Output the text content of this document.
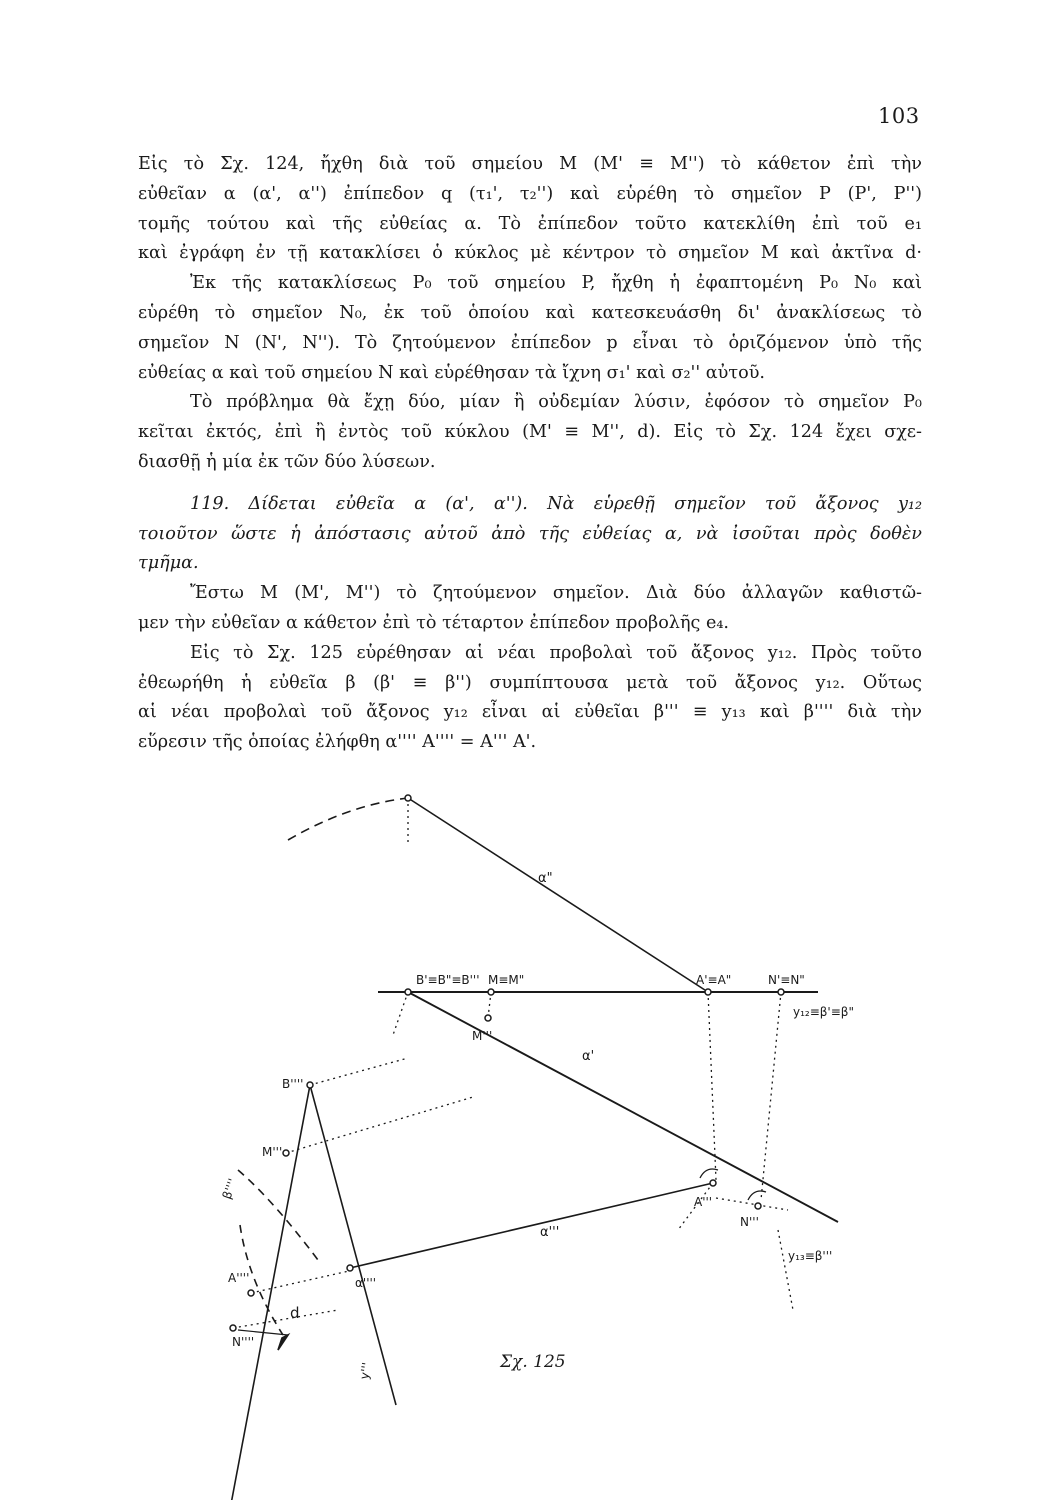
103
Εἰς τὸ Σχ. 124, ἤχθη διὰ τοῦ σημείου Μ (Μ' ≡ Μ'') τὸ κάθετον ἐπὶ τὴν
εὐθεῖαν α (α', α'') ἐπίπεδον q (τ₁', τ₂'') καὶ εὑρέθη τὸ σημεῖον P (P', P'')
τομῆς τούτου καὶ τῆς εὐθείας α. Τὸ ἐπίπεδον τοῦτο κατεκλίθη ἐπὶ τοῦ e₁
καὶ ἐγράφη ἐν τῇ κατακλίσει ὁ κύκλος μὲ κέντρον τὸ σημεῖον Μ καὶ ἀκτῖνα d·
Ἐκ τῆς κατακλίσεως P₀ τοῦ σημείου P, ἤχθη ἡ ἐφαπτομένη P₀ N₀ καὶ
εὑρέθη τὸ σημεῖον N₀, ἐκ τοῦ ὁποίου καὶ κατεσκευάσθη δι' ἀνακλίσεως τὸ
σημεῖον N (N', N''). Τὸ ζητούμενον ἐπίπεδον p εἶναι τὸ ὁριζόμενον ὑπὸ τῆς
εὐθείας α καὶ τοῦ σημείου N καὶ εὑρέθησαν τὰ ἴχνη σ₁' καὶ σ₂'' αὐτοῦ.
Τὸ πρόβλημα θὰ ἔχῃ δύο, μίαν ἢ οὐδεμίαν λύσιν, ἐφόσον τὸ σημεῖον P₀
κεῖται ἐκτός, ἐπὶ ἢ ἐντὸς τοῦ κύκλου (Μ' ≡ Μ'', d). Εἰς τὸ Σχ. 124 ἔχει σχε-
διασθῇ ἡ μία ἐκ τῶν δύο λύσεων.
119. Δίδεται εὐθεῖα α (α', α''). Νὰ εὑρεθῇ σημεῖον τοῦ ἄξονος y₁₂
τοιοῦτον ὥστε ἡ ἀπόστασις αὐτοῦ ἀπὸ τῆς εὐθείας α, νὰ ἰσοῦται πρὸς δοθὲν
τμῆμα.
Ἔστω Μ (Μ', Μ'') τὸ ζητούμενον σημεῖον. Διὰ δύο ἀλλαγῶν καθιστῶ-
μεν τὴν εὐθεῖαν α κάθετον ἐπὶ τὸ τέταρτον ἐπίπεδον προβολῆς e₄.
Εἰς τὸ Σχ. 125 εὑρέθησαν αἱ νέαι προβολαὶ τοῦ ἄξονος y₁₂. Πρὸς τοῦτο
ἐθεωρήθη ἡ εὐθεῖα β (β' ≡ β'') συμπίπτουσα μετὰ τοῦ ἄξονος y₁₂. Οὕτως
αἱ νέαι προβολαὶ τοῦ ἄξονος y₁₂ εἶναι αἱ εὐθεῖαι β''' ≡ y₁₃ καὶ β'''' διὰ τὴν
εὕρεσιν τῆς ὁποίας ἐλήφθη α'''' A'''' = A''' A'.
α"
B'≡B"≡B''' M≡M"	A'≡A"	N'≡N"
y₁₂≡β'≡β"
B''''
M'''
M'''
α'
A'''
N'''
α'''
y₁₃≡β'''
β''''
A''''
N''''
α''''
d
y'''	Σχ. 125
